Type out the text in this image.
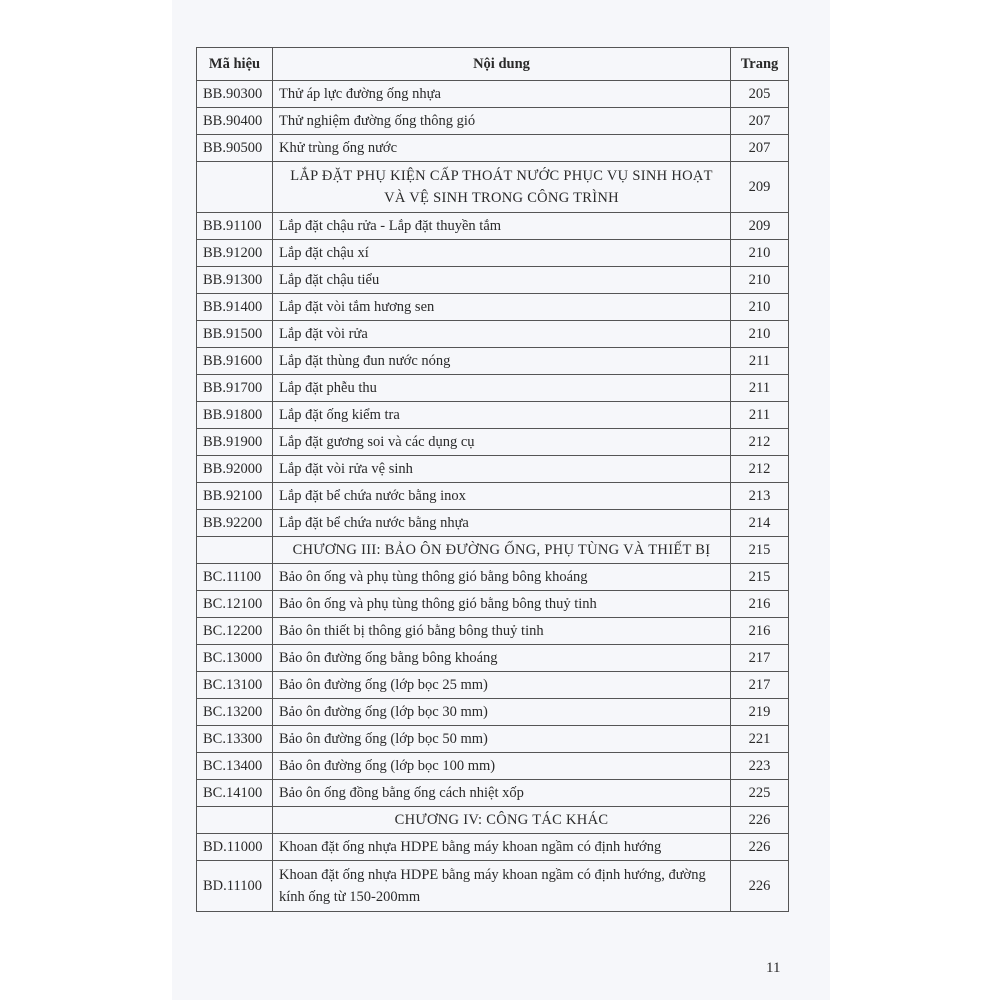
Mã hiệu	Nội dung	Trang
BB.90300	Thử áp lực đường ống nhựa	205
BB.90400	Thử nghiệm đường ống thông gió	207
BB.90500	Khử trùng ống nước	207
	LẮP ĐẶT PHỤ KIỆN CẤP THOÁT NƯỚC PHỤC VỤ SINH HOẠT VÀ VỆ SINH TRONG CÔNG TRÌNH	209
BB.91100	Lắp đặt chậu rửa - Lắp đặt thuyền tắm	209
BB.91200	Lắp đặt chậu xí	210
BB.91300	Lắp đặt chậu tiểu	210
BB.91400	Lắp đặt vòi tắm hương sen	210
BB.91500	Lắp đặt vòi rửa	210
BB.91600	Lắp đặt thùng đun nước nóng	211
BB.91700	Lắp đặt phễu thu	211
BB.91800	Lắp đặt ống kiểm tra	211
BB.91900	Lắp đặt gương soi và các dụng cụ	212
BB.92000	Lắp đặt vòi rửa vệ sinh	212
BB.92100	Lắp đặt bể chứa nước bằng inox	213
BB.92200	Lắp đặt bể chứa nước bằng nhựa	214
	CHƯƠNG III: BẢO ÔN ĐƯỜNG ỐNG, PHỤ TÙNG VÀ THIẾT BỊ	215
BC.11100	Bảo ôn ống và phụ tùng thông gió bằng bông khoáng	215
BC.12100	Bảo ôn ống và phụ tùng thông gió bằng bông thuỷ tinh	216
BC.12200	Bảo ôn thiết bị thông gió bằng bông thuỷ tinh	216
BC.13000	Bảo ôn đường ống bằng bông khoáng	217
BC.13100	Bảo ôn đường ống (lớp bọc 25 mm)	217
BC.13200	Bảo ôn đường ống (lớp bọc 30 mm)	219
BC.13300	Bảo ôn đường ống (lớp bọc 50 mm)	221
BC.13400	Bảo ôn đường ống (lớp bọc 100 mm)	223
BC.14100	Bảo ôn ống đồng bằng ống cách nhiệt xốp	225
	CHƯƠNG IV: CÔNG TÁC KHÁC	226
BD.11000	Khoan đặt ống nhựa HDPE bằng máy khoan ngầm có định hướng	226
BD.11100	Khoan đặt ống nhựa HDPE bằng máy khoan ngầm có định hướng, đường kính ống từ 150-200mm	226
11
